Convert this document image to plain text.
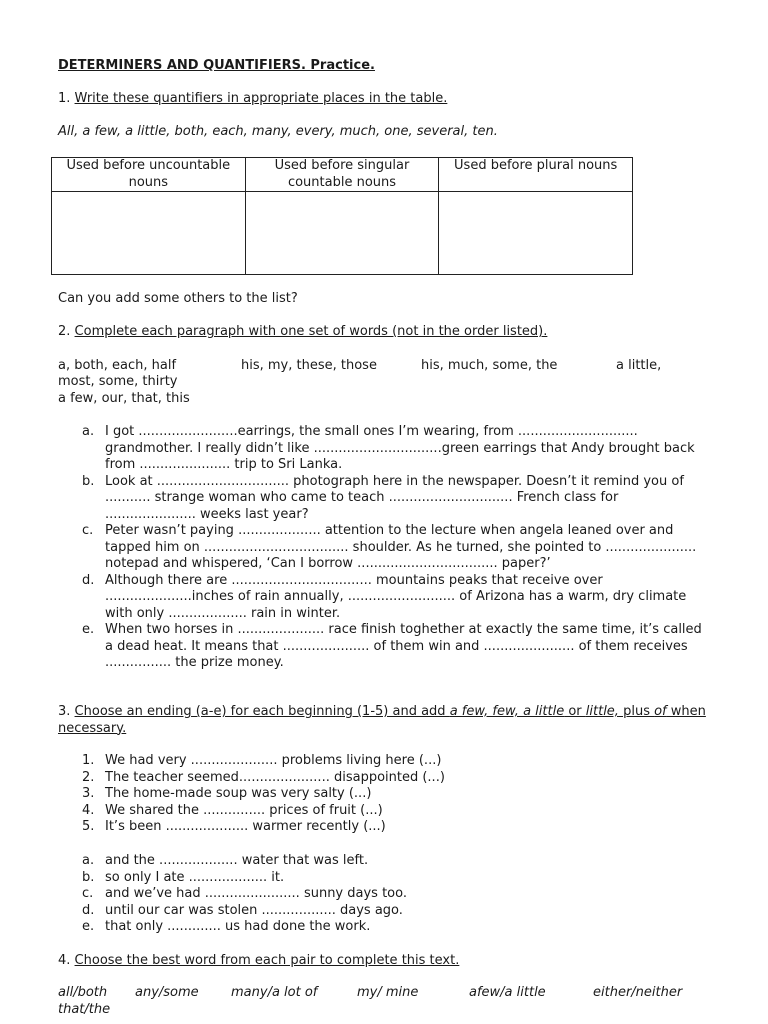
DETERMINERS AND QUANTIFIERS. Practice.
1. Write these quantifiers in appropriate places in the table.
All, a few, a little, both, each, many, every, much, one, several, ten.
Used before uncountable nouns	Used before singular countable nouns	Used before plural nouns

Can you add some others to the list?
2. Complete each paragraph with one set of words (not in the order listed).
a, both, each, half	his, my, these, those	his, much, some, the	a little,
most, some, thirty
a few, our, that, this
a. I got ........................earrings, the small ones I’m wearing, from ............................. grandmother. I really didn’t like ...............................green earrings that Andy brought back from ...................... trip to Sri Lanka.
b. Look at ................................ photograph here in the newspaper. Doesn’t it remind you of ........... strange woman who came to teach .............................. French class for ...................... weeks last year?
c. Peter wasn’t paying .................... attention to the lecture when angela leaned over and tapped him on ................................... shoulder. As he turned, she pointed to ...................... notepad and whispered, ‘Can I borrow .................................. paper?’
d. Although there are .................................. mountains peaks that receive over .....................inches of rain annually, .......................... of Arizona has a warm, dry climate with only ................... rain in winter.
e. When two horses in ..................... race finish toghether at exactly the same time, it’s called a dead heat. It means that ..................... of them win and ...................... of them receives ................ the prize money.
3. Choose an ending (a-e) for each beginning (1-5) and add a few, few, a little or little, plus of when necessary.
1. We had very ..................... problems living here (...)
2. The teacher seemed...................... disappointed (...)
3. The home-made soup was very salty (...)
4. We shared the ............... prices of fruit (...)
5. It’s been .................... warmer recently (...)
a. and the ................... water that was left.
b. so only I ate ................... it.
c. and we’ve had ....................... sunny days too.
d. until our car was stolen .................. days ago.
e. that only ............. us had done the work.
4. Choose the best word from each pair to complete this text.
all/both any/some many/a lot of	my/ mine	afew/a little	either/neither
that/the
